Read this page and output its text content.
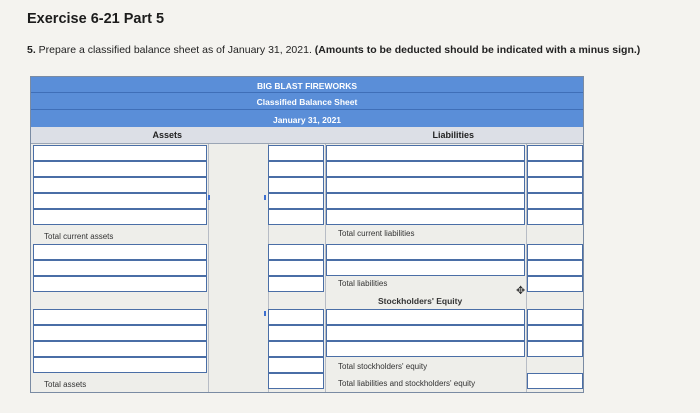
Exercise 6-21 Part 5
5. Prepare a classified balance sheet as of January 31, 2021. (Amounts to be deducted should be indicated with a minus sign.)
BIG BLAST FIREWORKS
Classified Balance Sheet
January 31, 2021
Assets	Liabilities
Total current assets
Total assets
Total current liabilities
Total liabilities
Stockholders' Equity
Total stockholders' equity
Total liabilities and stockholders' equity
✥
